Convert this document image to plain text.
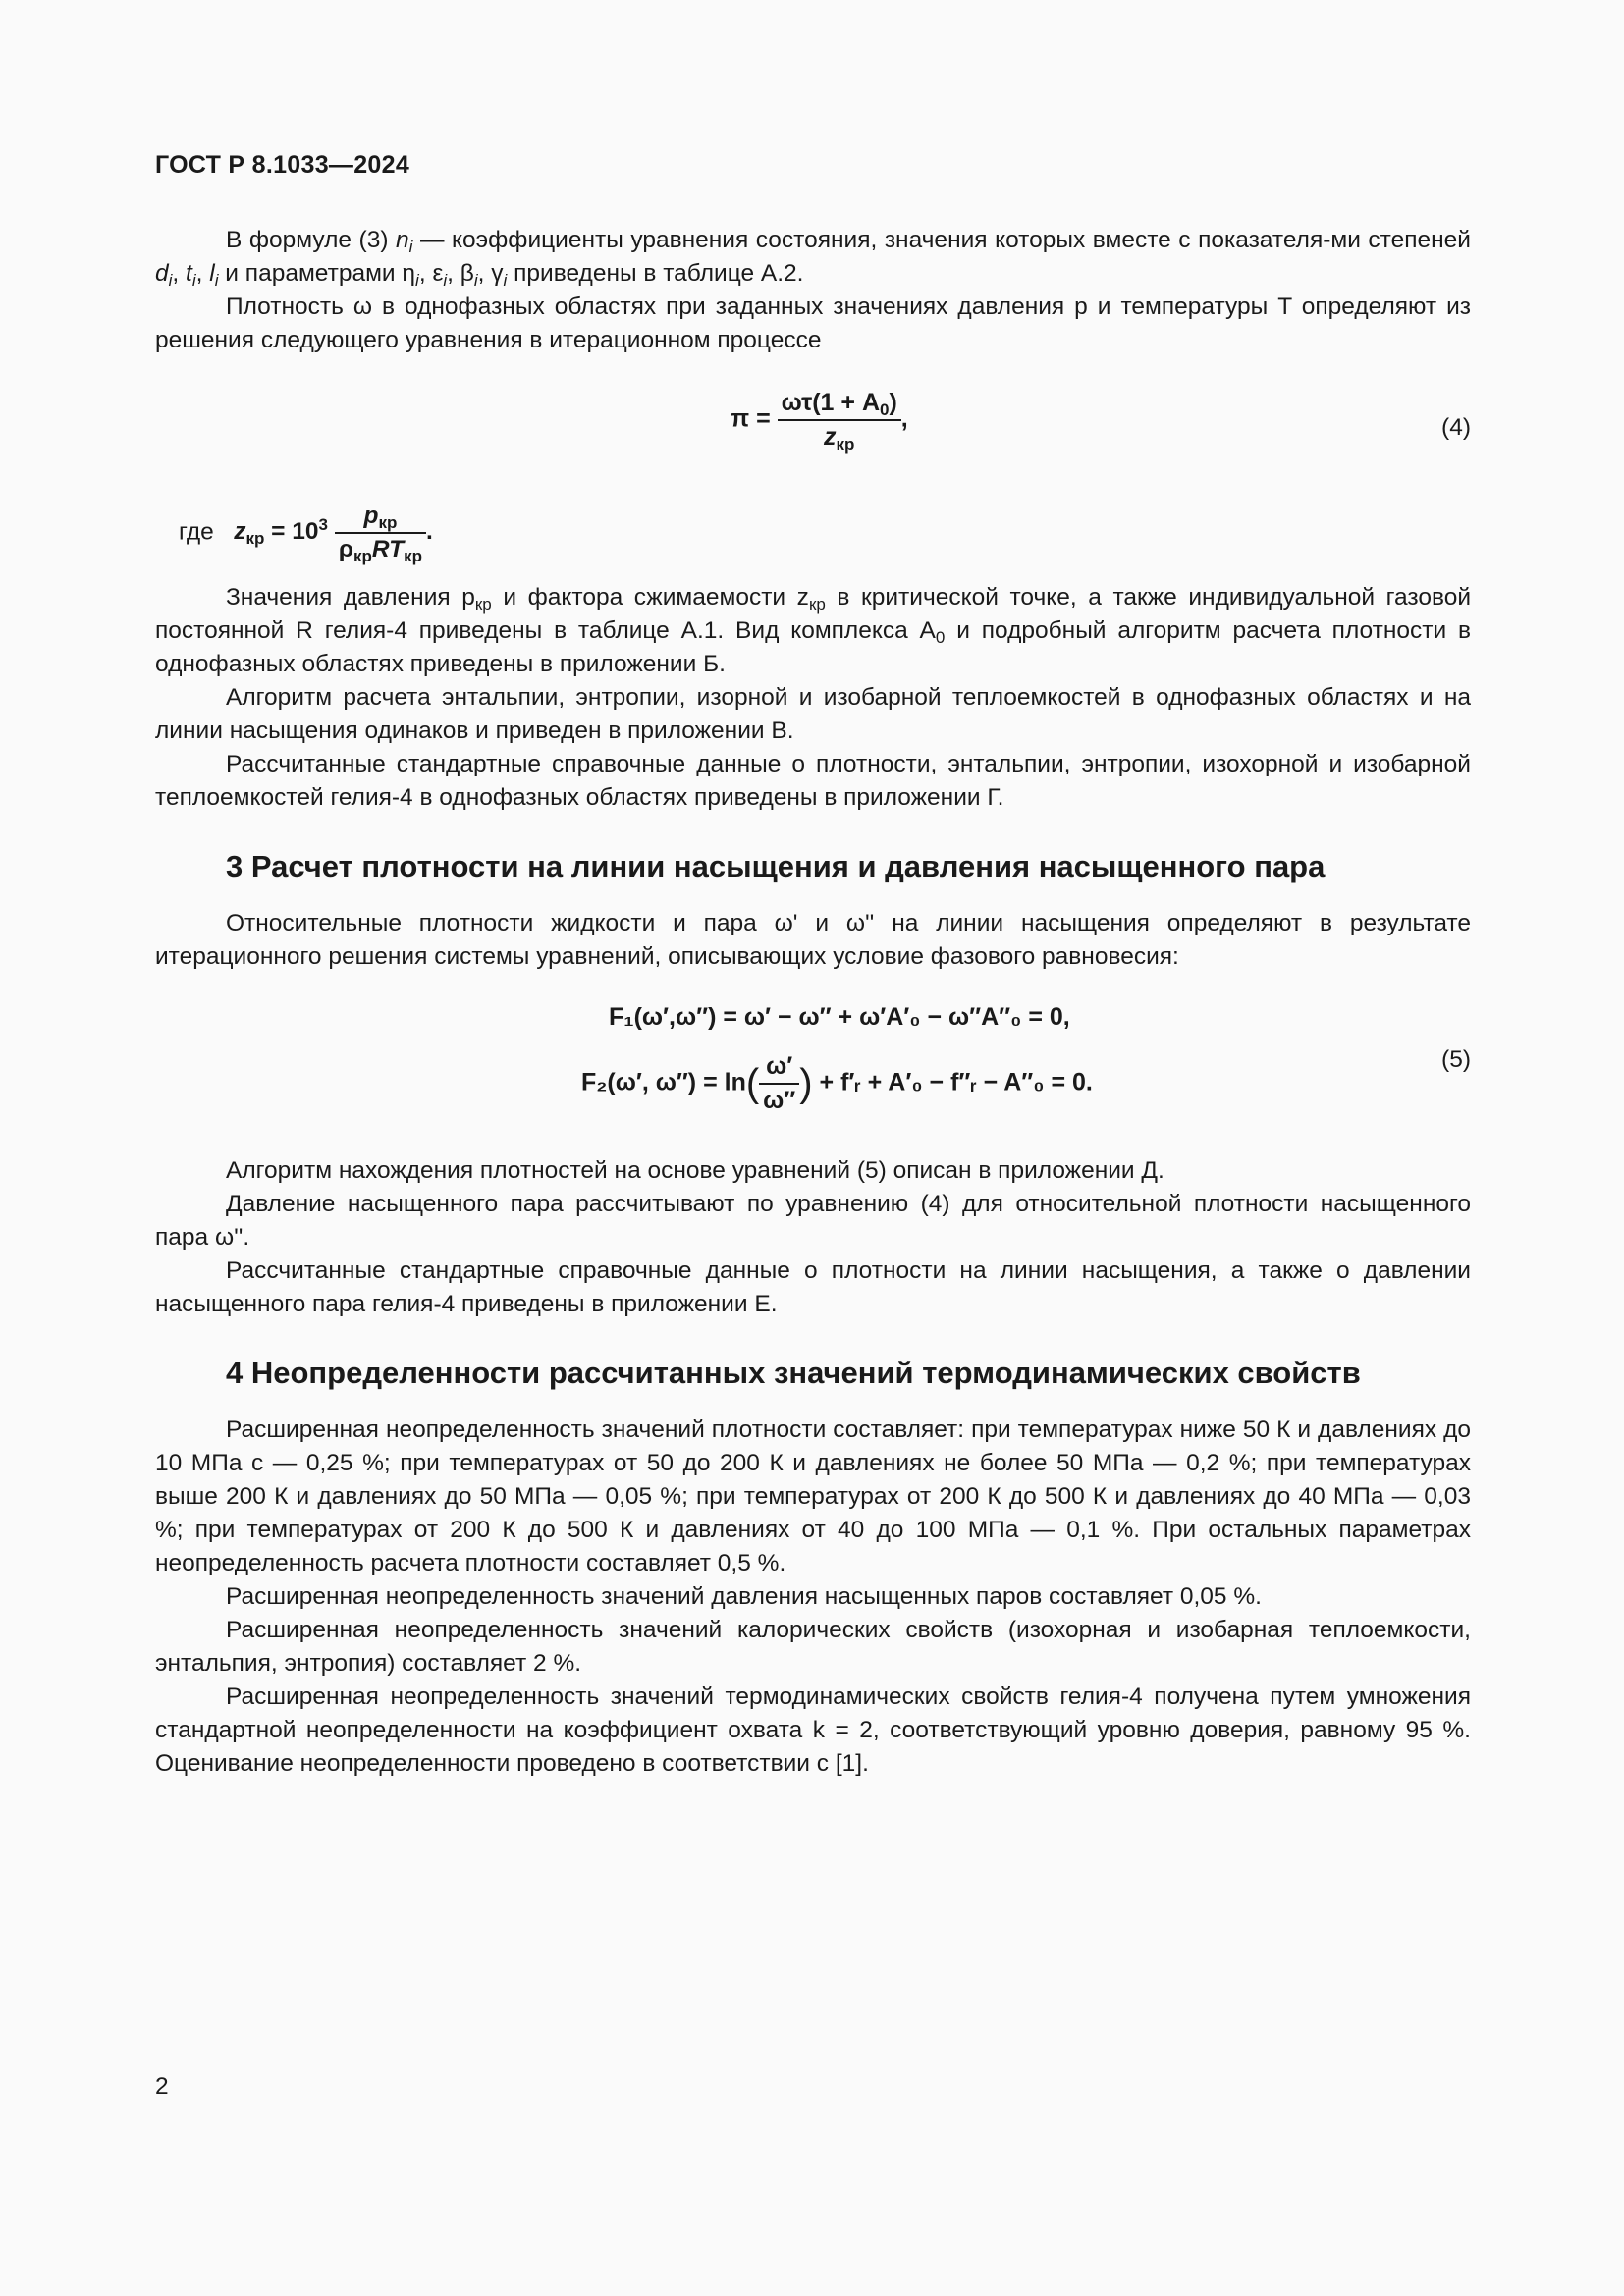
ГОСТ Р 8.1033—2024

В формуле (3) $n_i$ — коэффициенты уравнения состояния, значения которых вместе с показателя-ми степеней $d_i$, $t_i$, $l_i$ и параметрами $\eta_i$, $\varepsilon_i$, $\beta_i$, $\gamma_i$ приведены в таблице А.2.

Плотность ω в однофазных областях при заданных значениях давления p и температуры T определяют из решения следующего уравнения в итерационном процессе

$\pi = \frac{\omega\tau(1 + A_0)}{z_{кр}}$ ,	(4)
где $z_{кр} = 10^3 \frac{p_{кр}}{\rho_{кр}RT_{кр}}$ .

Значения давления $p_{кр}$ и фактора сжимаемости $z_{кр}$ в критической точке, а также индивидуальной газовой постоянной R гелия-4 приведены в таблице А.1. Вид комплекса $A_0$ и подробный алгоритм расчета плотности в однофазных областях приведены в приложении Б.

Алгоритм расчета энтальпии, энтропии, изорной и изобарной теплоемкостей в однофазных областях и на линии насыщения одинаков и приведен в приложении В.

Рассчитанные стандартные справочные данные о плотности, энтальпии, энтропии, изохорной и изобарной теплоемкостей гелия-4 в однофазных областях приведены в приложении Г.

3 Расчет плотности на линии насыщения и давления насыщенного пара

Относительные плотности жидкости и пара ω' и ω'' на линии насыщения определяют в результате итерационного решения системы уравнений, описывающих условие фазового равновесия:

F₁(ω′,ω″) = ω′ − ω″ + ω′A′₀ − ω″A″₀ = 0,
F₂(ω′, $\omega'') = \ln( \frac{\omega'}{\omega''}$ ) + f′ᵣ + A′₀ − f″ᵣ − A″₀ = 0.
(5)

Алгоритм нахождения плотностей на основе уравнений (5) описан в приложении Д.

Давление насыщенного пара рассчитывают по уравнению (4) для относительной плотности насыщенного пара ω''.

Рассчитанные стандартные справочные данные о плотности на линии насыщения, а также о давлении насыщенного пара гелия-4 приведены в приложении Е.

4 Неопределенности рассчитанных значений термодинамических свойств

Расширенная неопределенность значений плотности составляет: при температурах ниже 50 К и давлениях до 10 МПа с — 0,25 %; при температурах от 50 до 200 К и давлениях не более 50 МПа — 0,2 %; при температурах выше 200 К и давлениях до 50 МПа — 0,05 %; при температурах от 200 К до 500 К и давлениях до 40 МПа — 0,03 %; при температурах от 200 К до 500 К и давлениях от 40 до 100 МПа — 0,1 %. При остальных параметрах неопределенность расчета плотности составляет 0,5 %.

Расширенная неопределенность значений давления насыщенных паров составляет 0,05 %.

Расширенная неопределенность значений калорических свойств (изохорная и изобарная теплоемкости, энтальпия, энтропия) составляет 2 %.

Расширенная неопределенность значений термодинамических свойств гелия-4 получена путем умножения стандартной неопределенности на коэффициент охвата k = 2, соответствующий уровню доверия, равному 95 %. Оценивание неопределенности проведено в соответствии с [1].

2
